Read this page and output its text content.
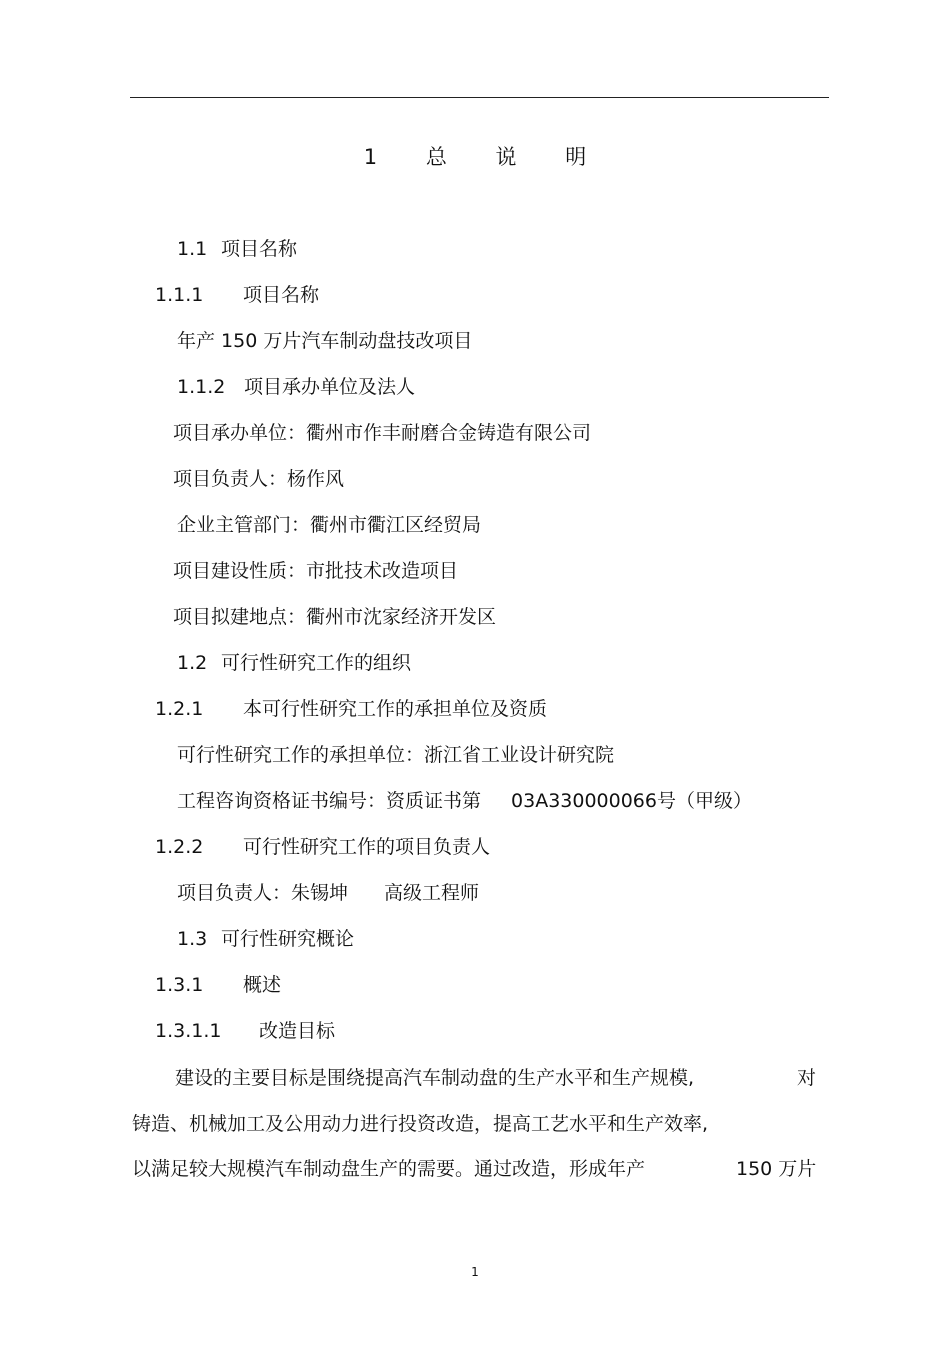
1 总 说 明
1.1 项目名称
1.1.1 项目名称
年产 150 万片汽车制动盘技改项目
1.1.2 项目承办单位及法人
项目承办单位：衢州市作丰耐磨合金铸造有限公司
项目负责人：杨作风
企业主管部门：衢州市衢江区经贸局
项目建设性质：市批技术改造项目
项目拟建地点：衢州市沈家经济开发区
1.2 可行性研究工作的组织
1.2.1 本可行性研究工作的承担单位及资质
可行性研究工作的承担单位：浙江省工业设计研究院
工程咨询资格证书编号：资质证书第 03A330000066号（甲级）
1.2.2 可行性研究工作的项目负责人
项目负责人：朱锡坤 高级工程师
1.3 可行性研究概论
1.3.1 概述
1.3.1.1 改造目标
建设的主要目标是围绕提高汽车制动盘的生产水平和生产规模,	对
铸造、机械加工及公用动力进行投资改造，提高工艺水平和生产效率,
以满足较大规模汽车制动盘生产的需要。通过改造，形成年产	150 万片
1
